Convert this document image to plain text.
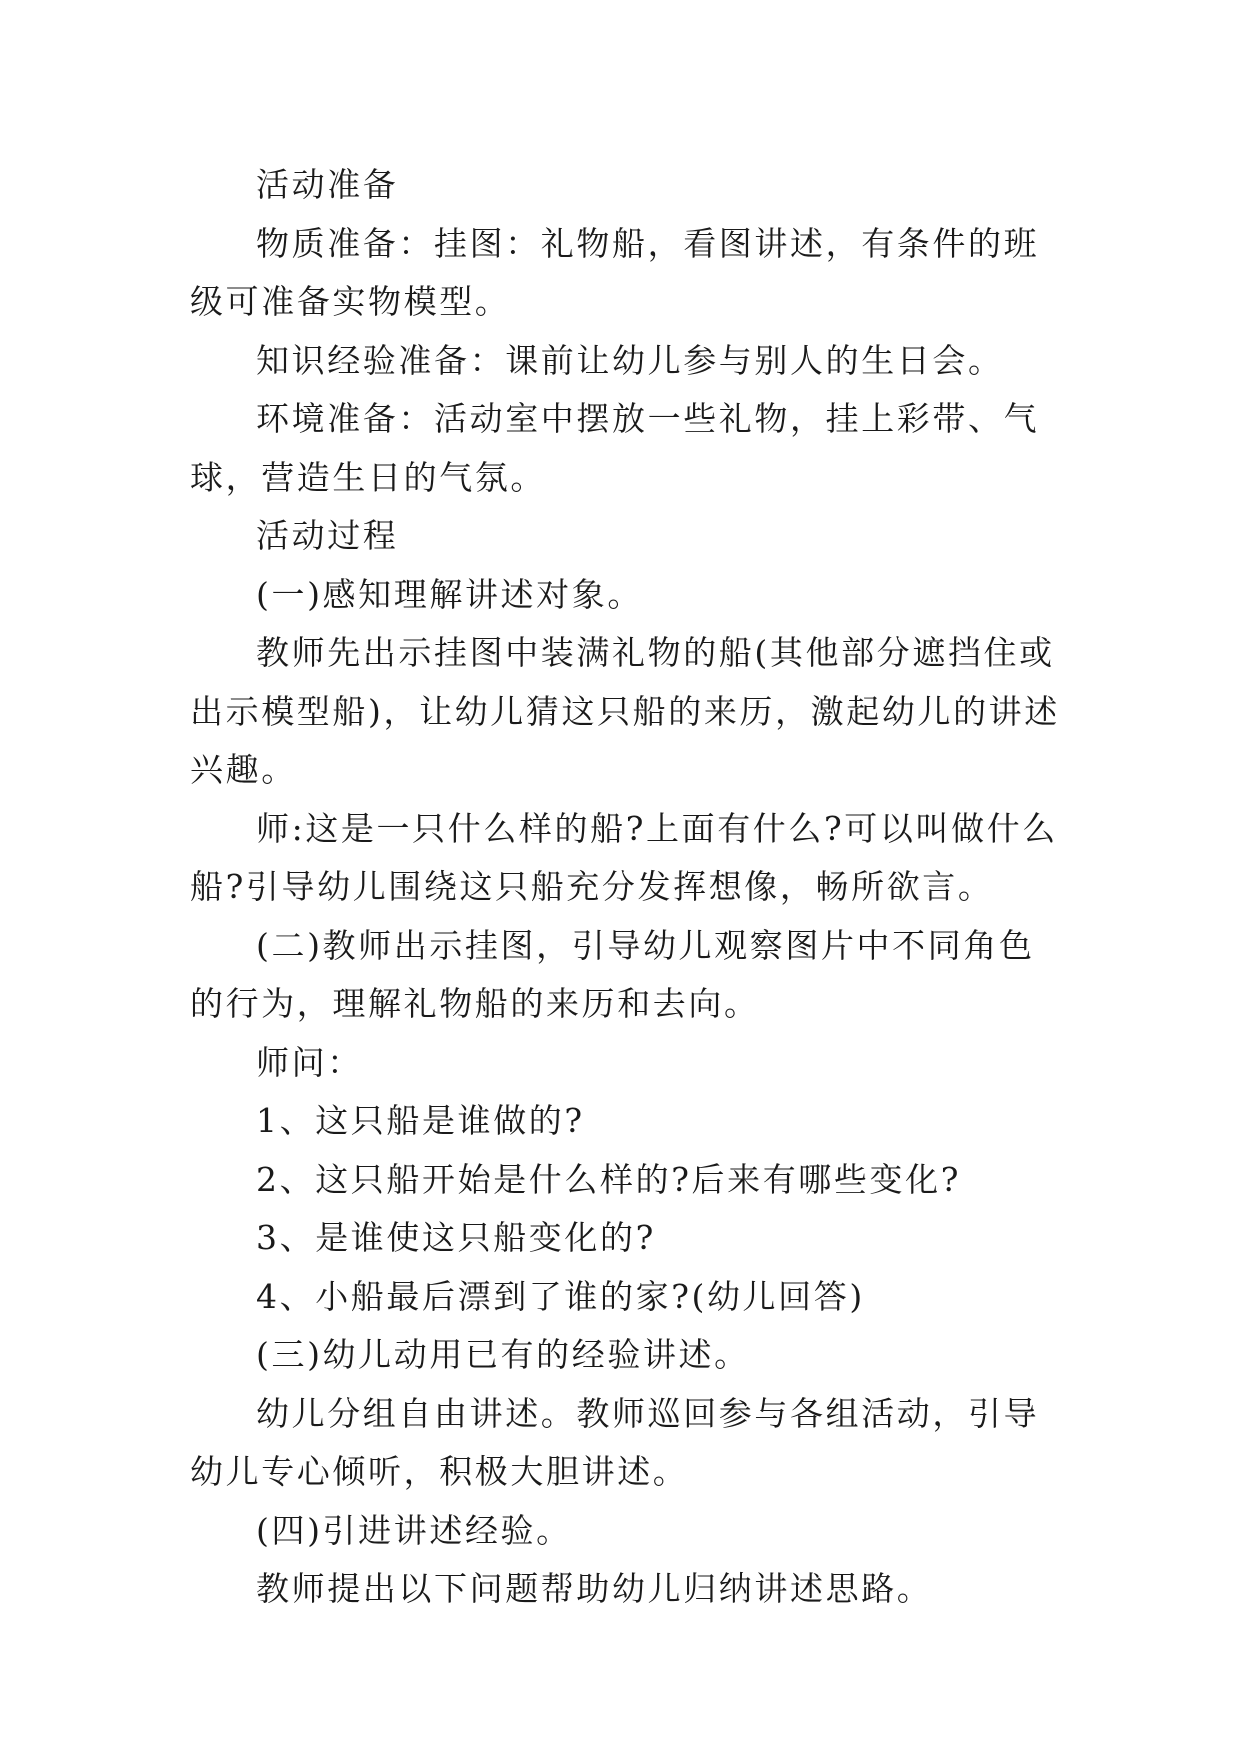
活动准备

物质准备：挂图：礼物船，看图讲述，有条件的班级可准备实物模型。

知识经验准备：课前让幼儿参与别人的生日会。

环境准备：活动室中摆放一些礼物，挂上彩带、气球，营造生日的气氛。

活动过程

(一)感知理解讲述对象。

教师先出示挂图中装满礼物的船(其他部分遮挡住或出示模型船)，让幼儿猜这只船的来历，激起幼儿的讲述兴趣。

师:这是一只什么样的船?上面有什么?可以叫做什么船?引导幼儿围绕这只船充分发挥想像，畅所欲言。

(二)教师出示挂图，引导幼儿观察图片中不同角色的行为，理解礼物船的来历和去向。

师问：

1、这只船是谁做的?

2、这只船开始是什么样的?后来有哪些变化?

3、是谁使这只船变化的?

4、小船最后漂到了谁的家?(幼儿回答)

(三)幼儿动用已有的经验讲述。

幼儿分组自由讲述。教师巡回参与各组活动，引导幼儿专心倾听，积极大胆讲述。

(四)引进讲述经验。

教师提出以下问题帮助幼儿归纳讲述思路。
